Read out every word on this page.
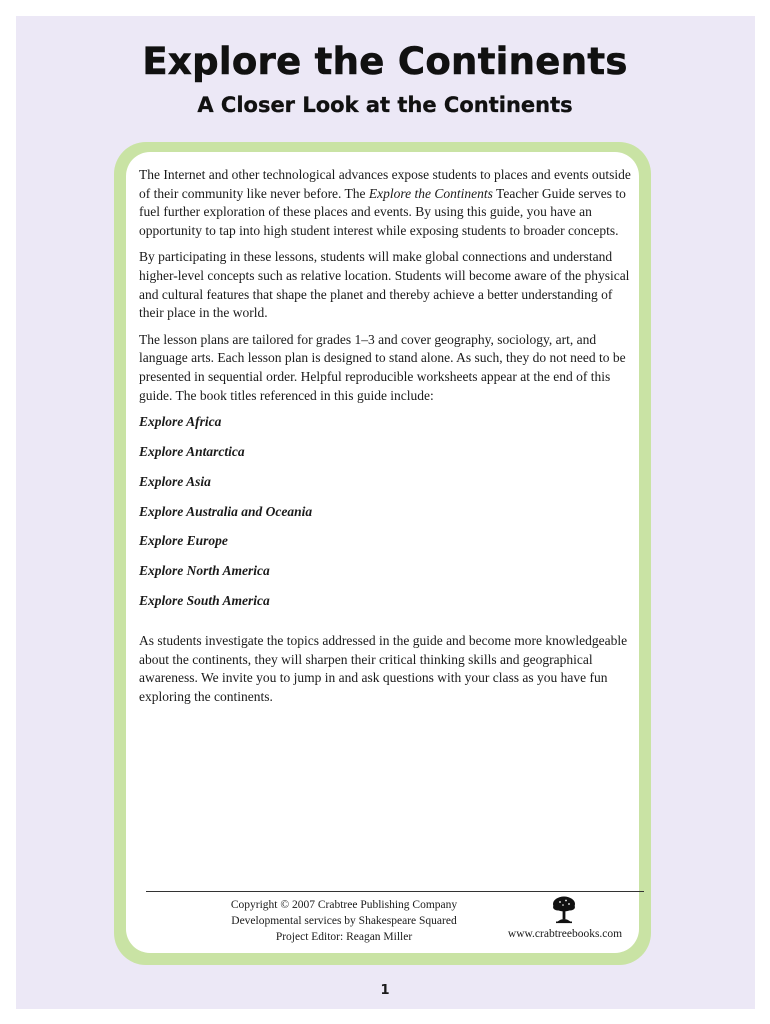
Explore the Continents
A Closer Look at the Continents

The Internet and other technological advances expose students to places and events outside of their community like never before. The Explore the Continents Teacher Guide serves to fuel further exploration of these places and events. By using this guide, you have an opportunity to tap into high student interest while exposing students to broader concepts.

By participating in these lessons, students will make global connections and understand higher-level concepts such as relative location. Students will become aware of the physical and cultural features that shape the planet and thereby achieve a better understanding of their place in the world.

The lesson plans are tailored for grades 1–3 and cover geography, sociology, art, and language arts. Each lesson plan is designed to stand alone. As such, they do not need to be presented in sequential order. Helpful reproducible worksheets appear at the end of this guide. The book titles referenced in this guide include:

Explore Africa
Explore Antarctica
Explore Asia
Explore Australia and Oceania
Explore Europe
Explore North America
Explore South America

As students investigate the topics addressed in the guide and become more knowledgeable about the continents, they will sharpen their critical thinking skills and geographical awareness. We invite you to jump in and ask questions with your class as you have fun exploring the continents.

Copyright © 2007 Crabtree Publishing Company
Developmental services by Shakespeare Squared
Project Editor: Reagan Miller	www.crabtreebooks.com
1
